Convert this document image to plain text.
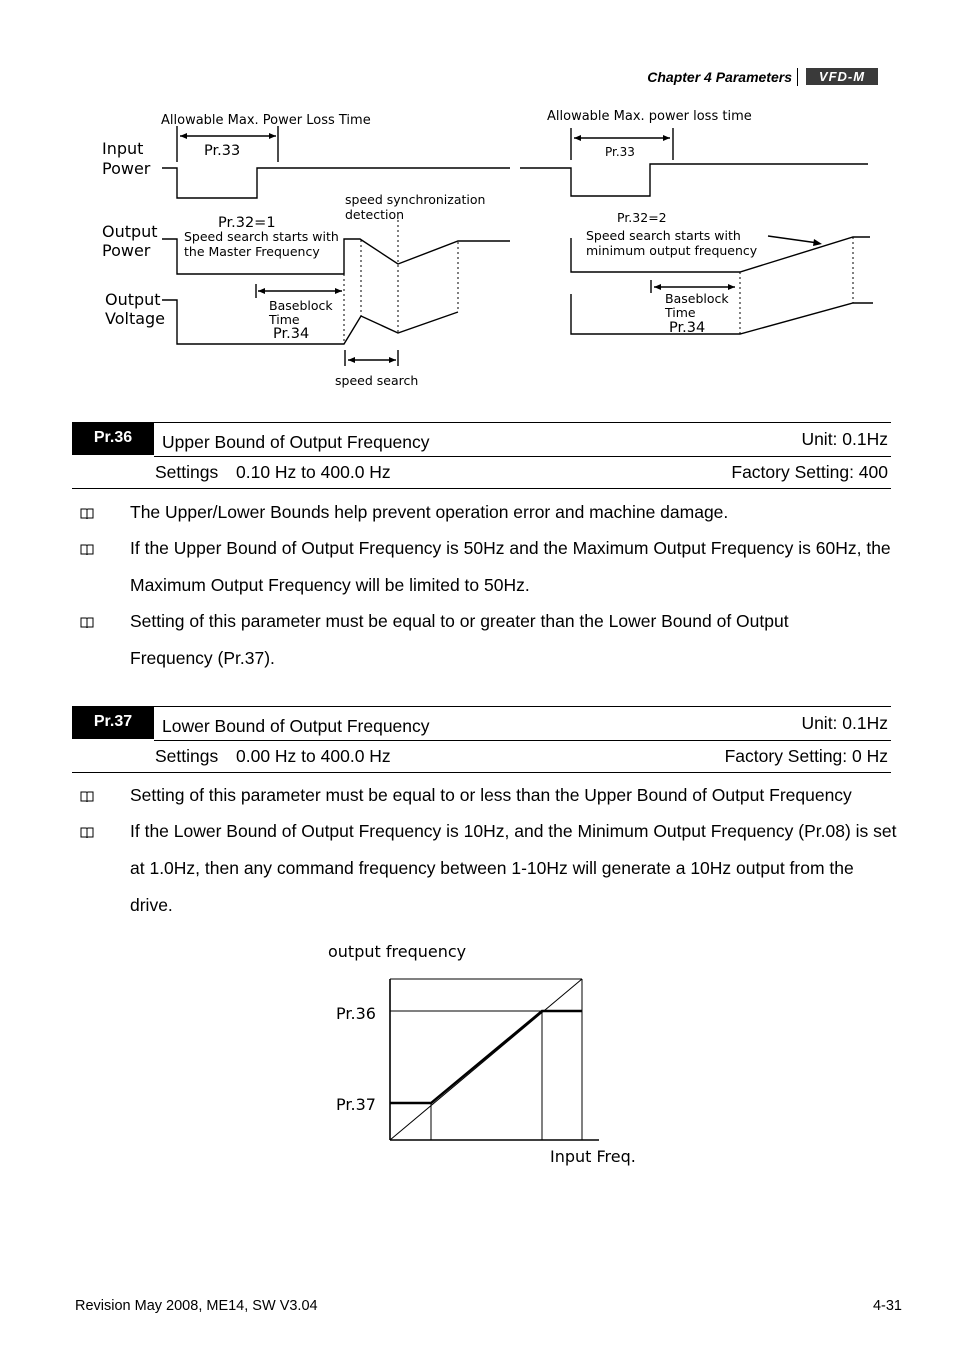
Chapter 4 Parameters	VFD-M
Allowable Max. Power Loss Time
Pr.33
Input
Power
Output
Power
Output
Voltage
Pr.32=1
Speed search starts with
the Master Frequency
speed synchronization
detection
Baseblock
Time
Pr.34
speed search
Allowable Max. power loss time
Pr.33
Pr.32=2
Speed search starts with
minimum output frequency
Baseblock
Time
Pr.34
Pr.36	Upper Bound of Output Frequency	Unit: 0.1Hz
Settings 0.10 Hz to 400.0 Hz	Factory Setting: 400
The Upper/Lower Bounds help prevent operation error and machine damage.
If the Upper Bound of Output Frequency is 50Hz and the Maximum Output Frequency is 60Hz, the Maximum Output Frequency will be limited to 50Hz.
Setting of this parameter must be equal to or greater than the Lower Bound of Output Frequency (Pr.37).
Pr.37	Lower Bound of Output Frequency	Unit: 0.1Hz
Settings 0.00 Hz to 400.0 Hz	Factory Setting: 0 Hz
Setting of this parameter must be equal to or less than the Upper Bound of Output Frequency
If the Lower Bound of Output Frequency is 10Hz, and the Minimum Output Frequency (Pr.08) is set at 1.0Hz, then any command frequency between 1-10Hz will generate a 10Hz output from the drive.
output frequency
Pr.36
Pr.37
Input Freq.
Revision May 2008, ME14, SW V3.04	4-31
